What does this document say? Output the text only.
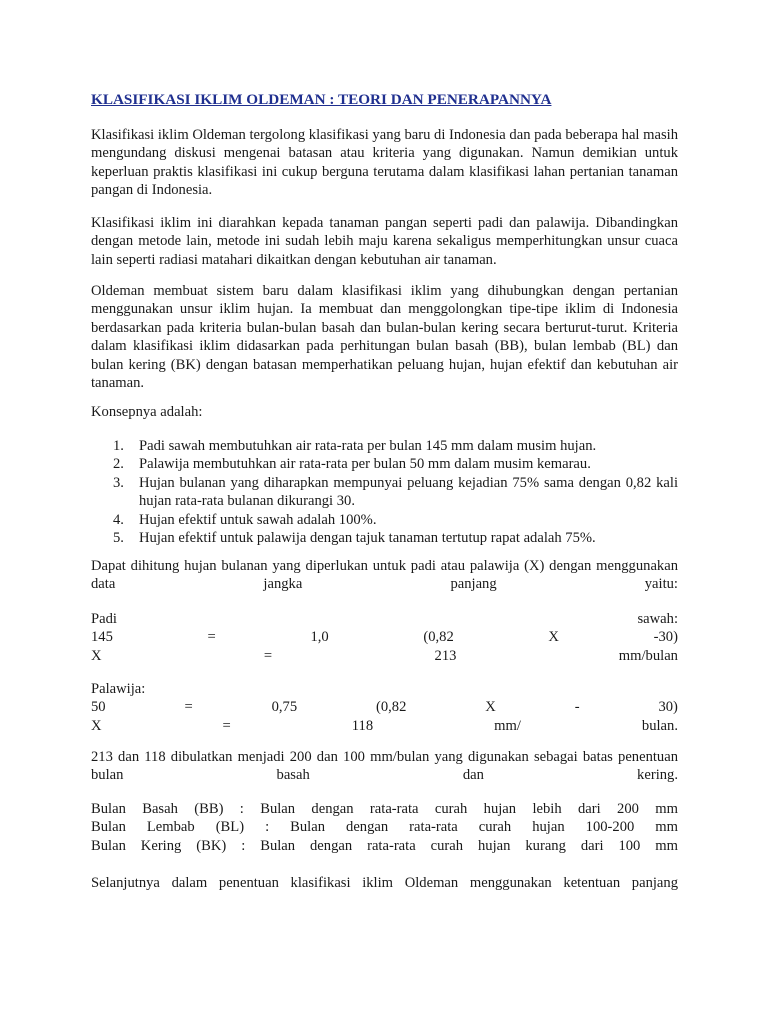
KLASIFIKASI IKLIM OLDEMAN : TEORI DAN PENERAPANNYA

Klasifikasi iklim Oldeman tergolong klasifikasi yang baru di Indonesia dan pada beberapa hal masih mengundang diskusi mengenai batasan atau kriteria yang digunakan. Namun demikian untuk keperluan praktis klasifikasi ini cukup berguna terutama dalam klasifikasi lahan pertanian tanaman pangan di Indonesia.

Klasifikasi iklim ini diarahkan kepada tanaman pangan seperti padi dan palawija. Dibandingkan dengan metode lain, metode ini sudah lebih maju karena sekaligus memperhitungkan unsur cuaca lain seperti radiasi matahari dikaitkan dengan kebutuhan air tanaman.

Oldeman membuat sistem baru dalam klasifikasi iklim yang dihubungkan dengan pertanian menggunakan unsur iklim hujan. Ia membuat dan menggolongkan tipe-tipe iklim di Indonesia berdasarkan pada kriteria bulan-bulan basah dan bulan-bulan kering secara berturut-turut. Kriteria dalam klasifikasi iklim didasarkan pada perhitungan bulan basah (BB), bulan lembab (BL) dan bulan kering (BK) dengan batasan memperhatikan peluang hujan, hujan efektif dan kebutuhan air tanaman.

Konsepnya adalah:

1. Padi sawah membutuhkan air rata-rata per bulan 145 mm dalam musim hujan.
2. Palawija membutuhkan air rata-rata per bulan 50 mm dalam musim kemarau.
3. Hujan bulanan yang diharapkan mempunyai peluang kejadian 75% sama dengan 0,82 kali hujan rata-rata bulanan dikurangi 30.
4. Hujan efektif untuk sawah adalah 100%.
5. Hujan efektif untuk palawija dengan tajuk tanaman tertutup rapat adalah 75%.

Dapat dihitung hujan bulanan yang diperlukan untuk padi atau palawija (X) dengan menggunakan data jangka panjang yaitu:

Padi	sawah:
145	=	1,0	(0,82	X	-30)
X	=	213	mm/bulan
Palawija:
50	=	0,75	(0,82	X	-	30)
X	=	118	mm/	bulan.

213 dan 118 dibulatkan menjadi 200 dan 100 mm/bulan yang digunakan sebagai batas penentuan bulan basah dan kering.

Bulan Basah (BB) : Bulan dengan rata-rata curah hujan lebih dari 200 mm
Bulan Lembab (BL) : Bulan dengan rata-rata curah hujan 100-200 mm
Bulan Kering (BK) : Bulan dengan rata-rata curah hujan kurang dari 100 mm

Selanjutnya dalam penentuan klasifikasi iklim Oldeman menggunakan ketentuan panjang
